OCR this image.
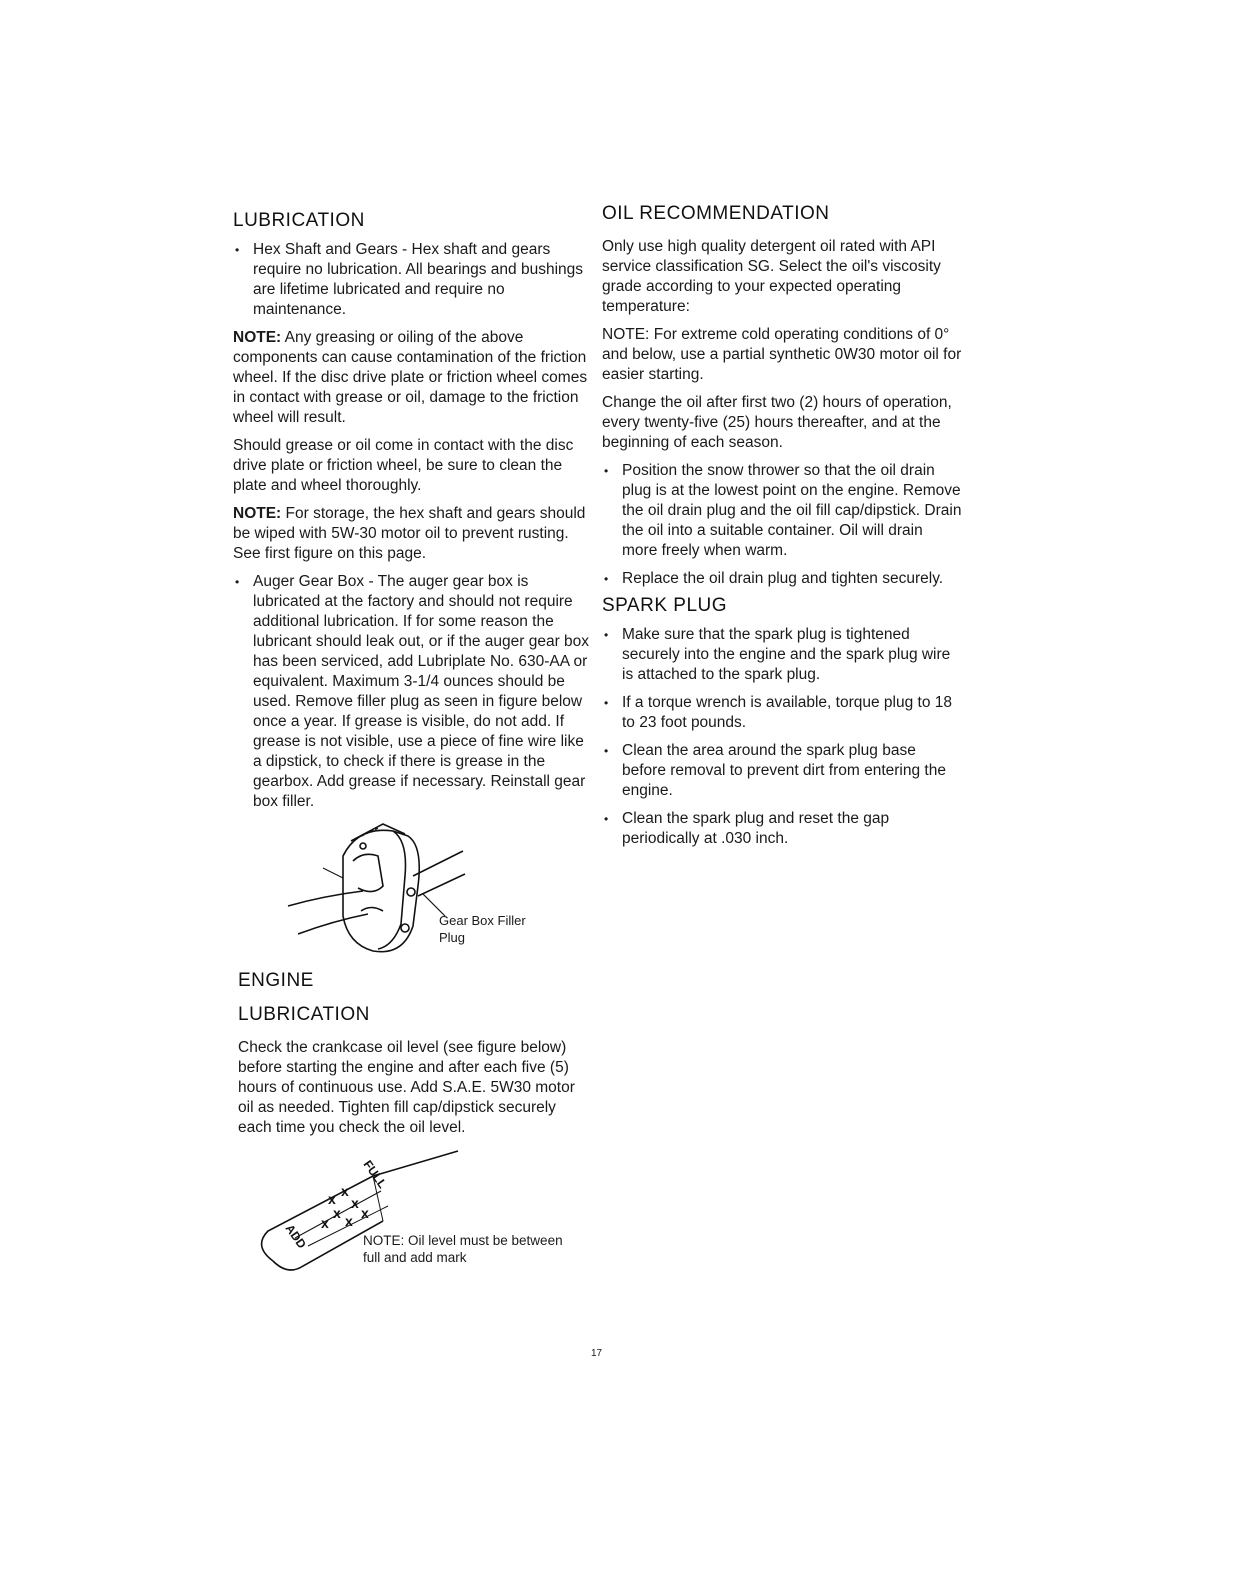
LUBRICATION
• Hex Shaft and Gears - Hex shaft and gears require no lubrication. All bearings and bushings are lifetime lubricated and require no maintenance.

NOTE: Any greasing or oiling of the above components can cause contamination of the friction wheel. If the disc drive plate or friction wheel comes in contact with grease or oil, damage to the friction wheel will result.

Should grease or oil come in contact with the disc drive plate or friction wheel, be sure to clean the plate and wheel thoroughly.

NOTE: For storage, the hex shaft and gears should be wiped with 5W-30 motor oil to prevent rusting. See first figure on this page.

• Auger Gear Box - The auger gear box is lubricated at the factory and should not require additional lubrication. If for some reason the lubricant should leak out, or if the auger gear box has been serviced, add Lubriplate No. 630-AA or equivalent. Maximum 3-1/4 ounces should be used. Remove filler plug as seen in figure below once a year. If grease is visible, do not add. If grease is not visible, use a piece of fine wire like a dipstick, to check if there is grease in the gearbox. Add grease if necessary. Reinstall gear box filler.
Gear Box Filler Plug
ENGINE
LUBRICATION

Check the crankcase oil level (see figure below) before starting the engine and after each five (5) hours of continuous use. Add S.A.E. 5W30 motor oil as needed. Tighten fill cap/dipstick securely each time you check the oil level.

x x
x
x
x x
x
FULL
ADD	NOTE: Oil level must be between full and add mark
OIL RECOMMENDATION

Only use high quality detergent oil rated with API service classification SG. Select the oil's viscosity grade according to your expected operating temperature:

NOTE: For extreme cold operating conditions of 0° and below, use a partial synthetic 0W30 motor oil for easier starting.

Change the oil after first two (2) hours of operation, every twenty-five (25) hours thereafter, and at the beginning of each season.

• Position the snow thrower so that the oil drain plug is at the lowest point on the engine. Remove the oil drain plug and the oil fill cap/dipstick. Drain the oil into a suitable container. Oil will drain more freely when warm.
• Replace the oil drain plug and tighten securely.
SPARK PLUG
• Make sure that the spark plug is tightened securely into the engine and the spark plug wire is attached to the spark plug.
• If a torque wrench is available, torque plug to 18 to 23 foot pounds.
• Clean the area around the spark plug base before removal to prevent dirt from entering the engine.
• Clean the spark plug and reset the gap periodically at .030 inch.
17
